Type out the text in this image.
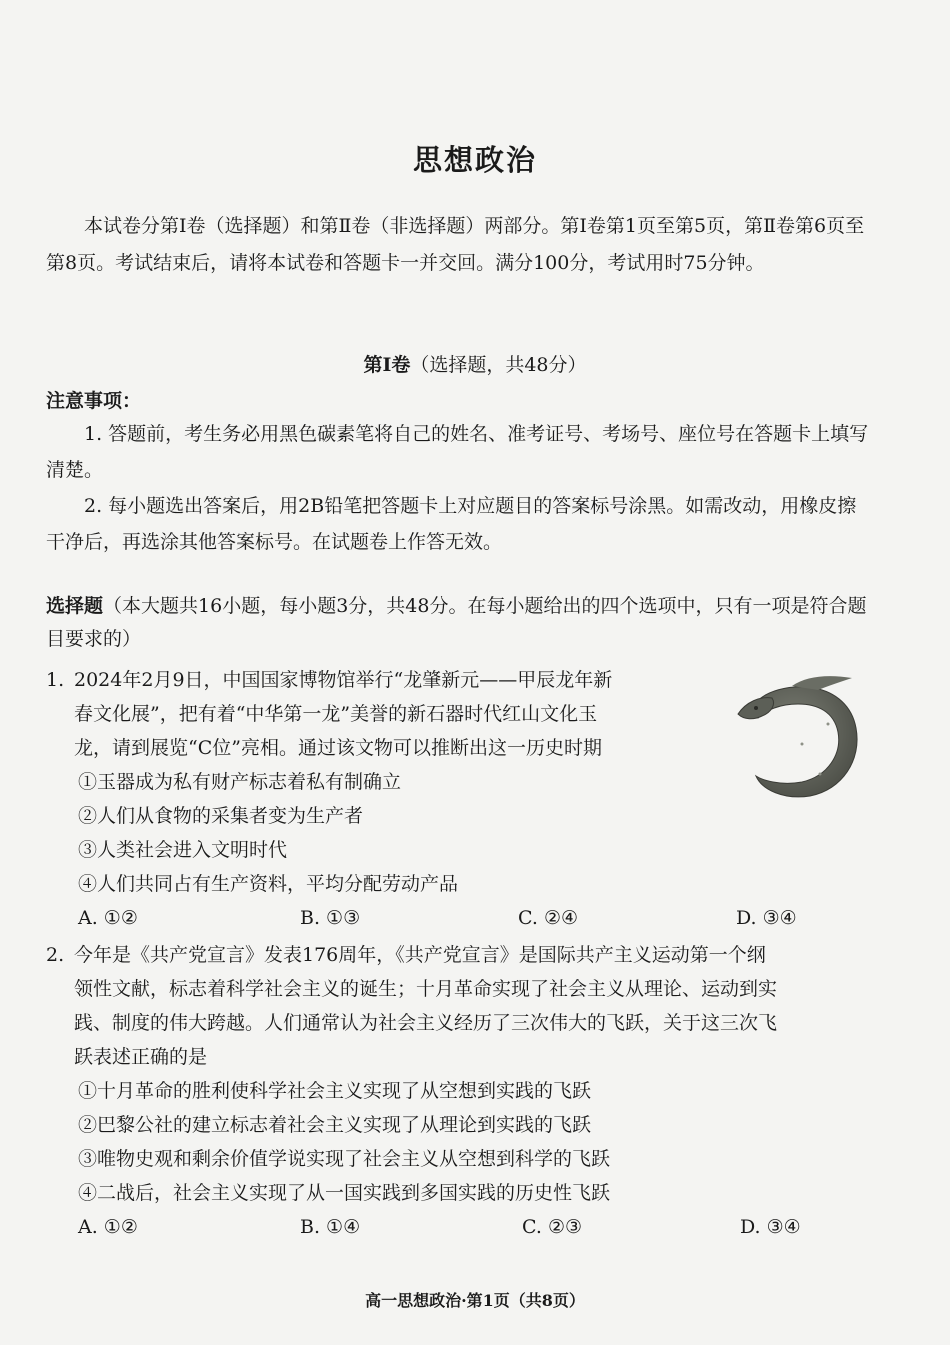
思想政治

本试卷分第Ⅰ卷（选择题）和第Ⅱ卷（非选择题）两部分。第Ⅰ卷第1页至第5页，第Ⅱ卷第6页至第8页。考试结束后，请将本试卷和答题卡一并交回。满分100分，考试用时75分钟。

第Ⅰ卷（选择题，共48分）
注意事项：

1. 答题前，考生务必用黑色碳素笔将自己的姓名、准考证号、考场号、座位号在答题卡上填写清楚。

2. 每小题选出答案后，用2B铅笔把答题卡上对应题目的答案标号涂黑。如需改动，用橡皮擦干净后，再选涂其他答案标号。在试题卷上作答无效。

选择题（本大题共16小题，每小题3分，共48分。在每小题给出的四个选项中，只有一项是符合题目要求的）

1. 2024年2月9日，中国国家博物馆举行“龙肇新元——甲辰龙年新

春文化展”，把有着“中华第一龙”美誉的新石器时代红山文化玉

龙，请到展览“C位”亮相。通过该文物可以推断出这一历史时期

①玉器成为私有财产标志着私有制确立

②人们从食物的采集者变为生产者

③人类社会进入文明时代

④人们共同占有生产资料，平均分配劳动产品

A. ①②	B. ①③	C. ②④	D. ③④

2. 今年是《共产党宣言》发表176周年，《共产党宣言》是国际共产主义运动第一个纲

领性文献，标志着科学社会主义的诞生；十月革命实现了社会主义从理论、运动到实

践、制度的伟大跨越。人们通常认为社会主义经历了三次伟大的飞跃，关于这三次飞

跃表述正确的是

①十月革命的胜利使科学社会主义实现了从空想到实践的飞跃

②巴黎公社的建立标志着社会主义实现了从理论到实践的飞跃

③唯物史观和剩余价值学说实现了社会主义从空想到科学的飞跃

④二战后，社会主义实现了从一国实践到多国实践的历史性飞跃

A. ①②	B. ①④	C. ②③	D. ③④
高一思想政治·第1页（共8页）
